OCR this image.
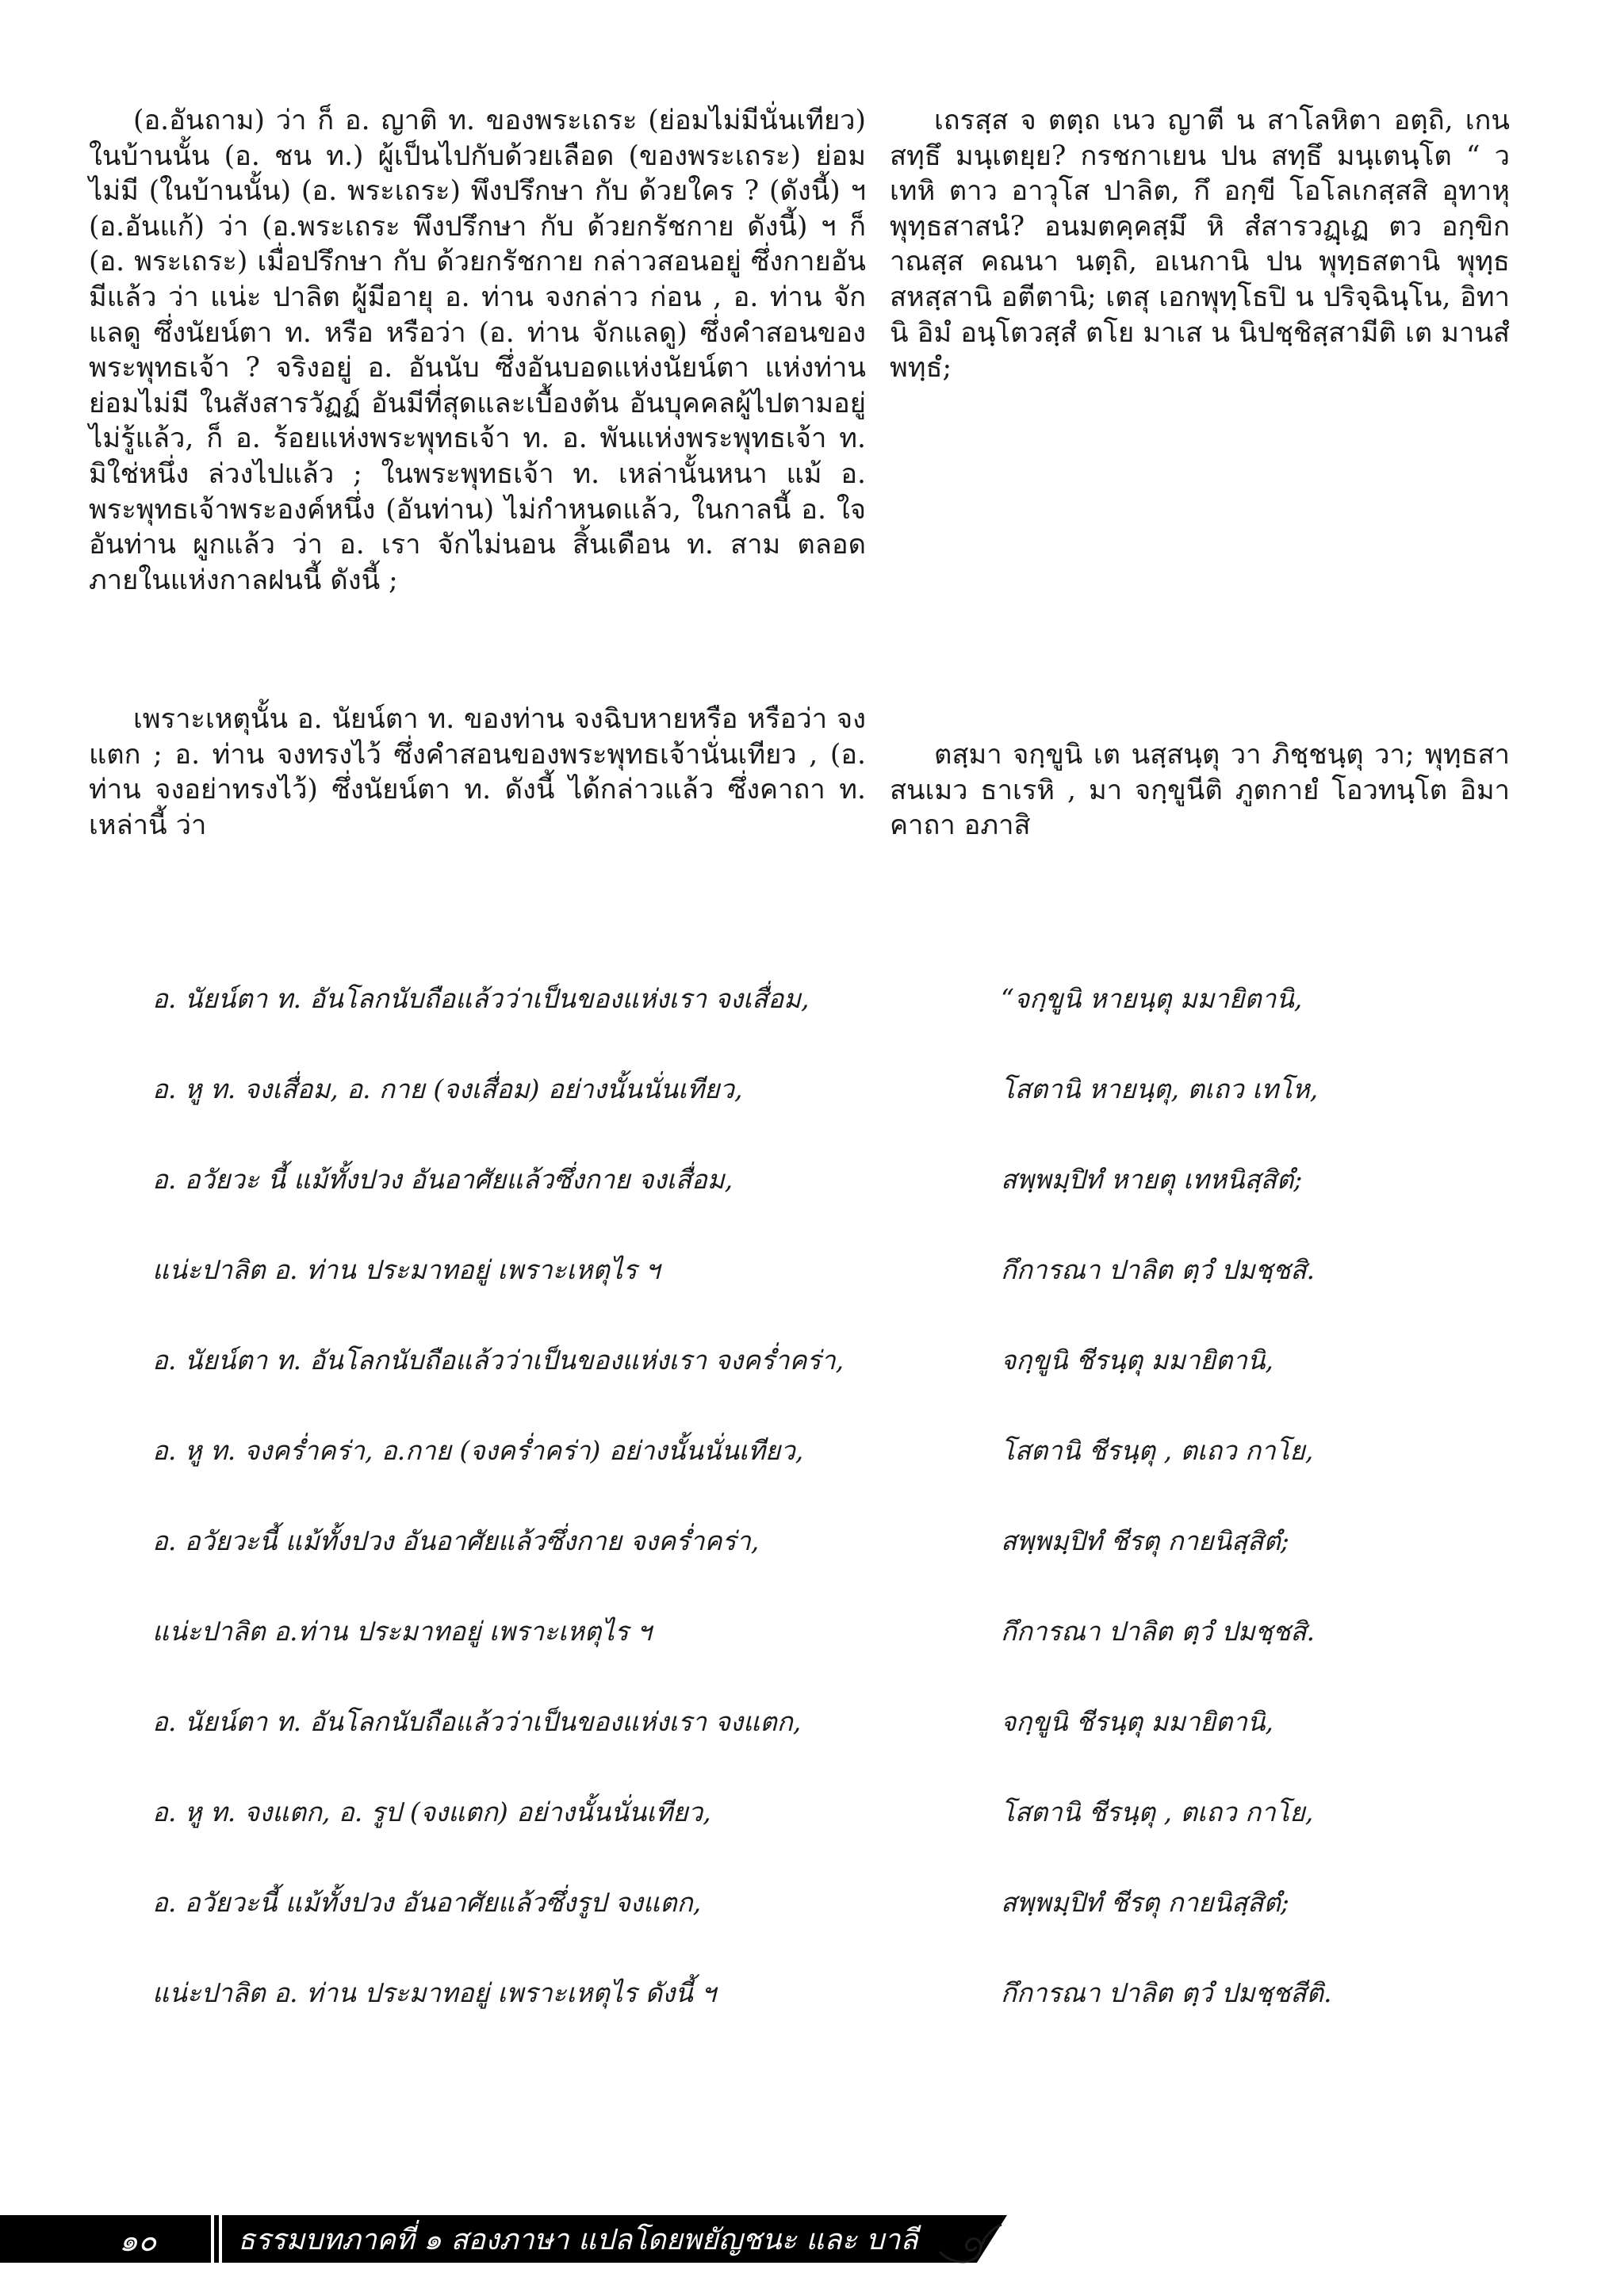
(อ.อันถาม) ว่า ก็ อ. ญาติ ท. ของพระเถระ (ย่อมไม่มีนั่นเทียว) ในบ้านนั้น (อ. ชน ท.) ผู้เป็นไปกับด้วยเลือด (ของพระเถระ) ย่อมไม่มี (ในบ้านนั้น) (อ. พระเถระ) พึงปรึกษา กับ ด้วยใคร ? (ดังนี้) ฯ (อ.อันแก้) ว่า (อ.พระเถระ พึงปรึกษา กับ ด้วยกรัชกาย ดังนี้) ฯ ก็ (อ. พระเถระ) เมื่อปรึกษา กับ ด้วยกรัชกาย กล่าวสอนอยู่ ซึ่งกายอันมีแล้ว ว่า แน่ะ ปาลิต ผู้มีอายุ อ. ท่าน จงกล่าว ก่อน , อ. ท่าน จักแลดู ซึ่งนัยน์ตา ท. หรือ หรือว่า (อ. ท่าน จักแลดู) ซึ่งคำสอนของพระพุทธเจ้า ? จริงอยู่ อ. อันนับ ซึ่งอันบอดแห่งนัยน์ตา แห่งท่าน ย่อมไม่มี ในสังสารวัฏฏ์ อันมีที่สุดและเบื้องต้น อันบุคคลผู้ไปตามอยู่ ไม่รู้แล้ว, ก็ อ. ร้อยแห่งพระพุทธเจ้า ท. อ. พันแห่งพระพุทธเจ้า ท. มิใช่หนึ่ง ล่วงไปแล้ว ; ในพระพุทธเจ้า ท. เหล่านั้นหนา แม้ อ. พระพุทธเจ้าพระองค์หนึ่ง (อันท่าน) ไม่กำหนดแล้ว, ในกาลนี้ อ. ใจ อันท่าน ผูกแล้ว ว่า อ. เรา จักไม่นอน สิ้นเดือน ท. สาม ตลอดภายในแห่งกาลฝนนี้ ดังนี้ ;

เพราะเหตุนั้น อ. นัยน์ตา ท. ของท่าน จงฉิบหายหรือ หรือว่า จงแตก ; อ. ท่าน จงทรงไว้ ซึ่งคำสอนของพระพุทธเจ้านั่นเทียว , (อ. ท่าน จงอย่าทรงไว้) ซึ่งนัยน์ตา ท. ดังนี้ ได้กล่าวแล้ว ซึ่งคาถา ท. เหล่านี้ ว่า

เถรสฺส จ ตตฺถ เนว ญาตี น สาโลหิตา อตฺถิ, เกน สทฺธึ มนฺเตยฺย? กรชกาเยน ปน สทฺธึ มนฺเตนฺโต “ วเทหิ ตาว อาวุโส ปาลิต, กึ อกฺขี โอโลเกสฺสสิ อุทาหุ พุทฺธสาสนํ? อนมตคฺคสฺมึ หิ สํสารวฏฺเฏ ตว อกฺขิกาณสฺส คณนา นตฺถิ, อเนกานิ ปน พุทฺธสตานิ พุทฺธสหสฺสานิ อตีตานิ; เตสุ เอกพุทฺโธปิ น ปริจฺฉินฺโน, อิทานิ อิมํ อนฺโตวสฺสํ ตโย มาเส น นิปชฺชิสฺสามีติ เต มานสํ พทฺธํ;

ตสฺมา จกฺขูนิ เต นสฺสนฺตุ วา ภิชฺชนฺตุ วา; พุทฺธสาสนเมว ธาเรหิ , มา จกฺขูนีติ ภูตกายํ โอวทนฺโต อิมา คาถา อภาสิ

อ. นัยน์ตา ท. อันโลกนับถือแล้วว่าเป็นของแห่งเรา จงเสื่อม,	“จกฺขูนิ หายนฺตุ มมายิตานิ,
อ. หู ท. จงเสื่อม, อ. กาย (จงเสื่อม) อย่างนั้นนั่นเทียว,	โสตานิ หายนฺตุ, ตเถว เทโห,
อ. อวัยวะ นี้ แม้ทั้งปวง อันอาศัยแล้วซึ่งกาย จงเสื่อม,	สพฺพมฺปิทํ หายตุ เทหนิสฺสิตํ;
แน่ะปาลิต อ. ท่าน ประมาทอยู่ เพราะเหตุไร ฯ	กึการณา ปาลิต ตฺวํ ปมชฺชสิ.
อ. นัยน์ตา ท. อันโลกนับถือแล้วว่าเป็นของแห่งเรา จงคร่ำคร่า,	จกฺขูนิ ชีรนฺตุ มมายิตานิ,
อ. หู ท. จงคร่ำคร่า, อ.กาย (จงคร่ำคร่า) อย่างนั้นนั่นเทียว,	โสตานิ ชีรนฺตุ , ตเถว กาโย,
อ. อวัยวะนี้ แม้ทั้งปวง อันอาศัยแล้วซึ่งกาย จงคร่ำคร่า,	สพฺพมฺปิทํ ชีรตุ กายนิสฺสิตํ;
แน่ะปาลิต อ.ท่าน ประมาทอยู่ เพราะเหตุไร ฯ	กึการณา ปาลิต ตฺวํ ปมชฺชสิ.
อ. นัยน์ตา ท. อันโลกนับถือแล้วว่าเป็นของแห่งเรา จงแตก,	จกฺขูนิ ชีรนฺตุ มมายิตานิ,
อ. หู ท. จงแตก, อ. รูป (จงแตก) อย่างนั้นนั่นเทียว,	โสตานิ ชีรนฺตุ , ตเถว กาโย,
อ. อวัยวะนี้ แม้ทั้งปวง อันอาศัยแล้วซึ่งรูป จงแตก,	สพฺพมฺปิทํ ชีรตุ กายนิสฺสิตํ;
แน่ะปาลิต อ. ท่าน ประมาทอยู่ เพราะเหตุไร ดังนี้ ฯ	กึการณา ปาลิต ตฺวํ ปมชฺชสีติ.
๑๐	ธรรมบทภาคที่ ๑ สองภาษา แปลโดยพยัญชนะ และ บาลี
